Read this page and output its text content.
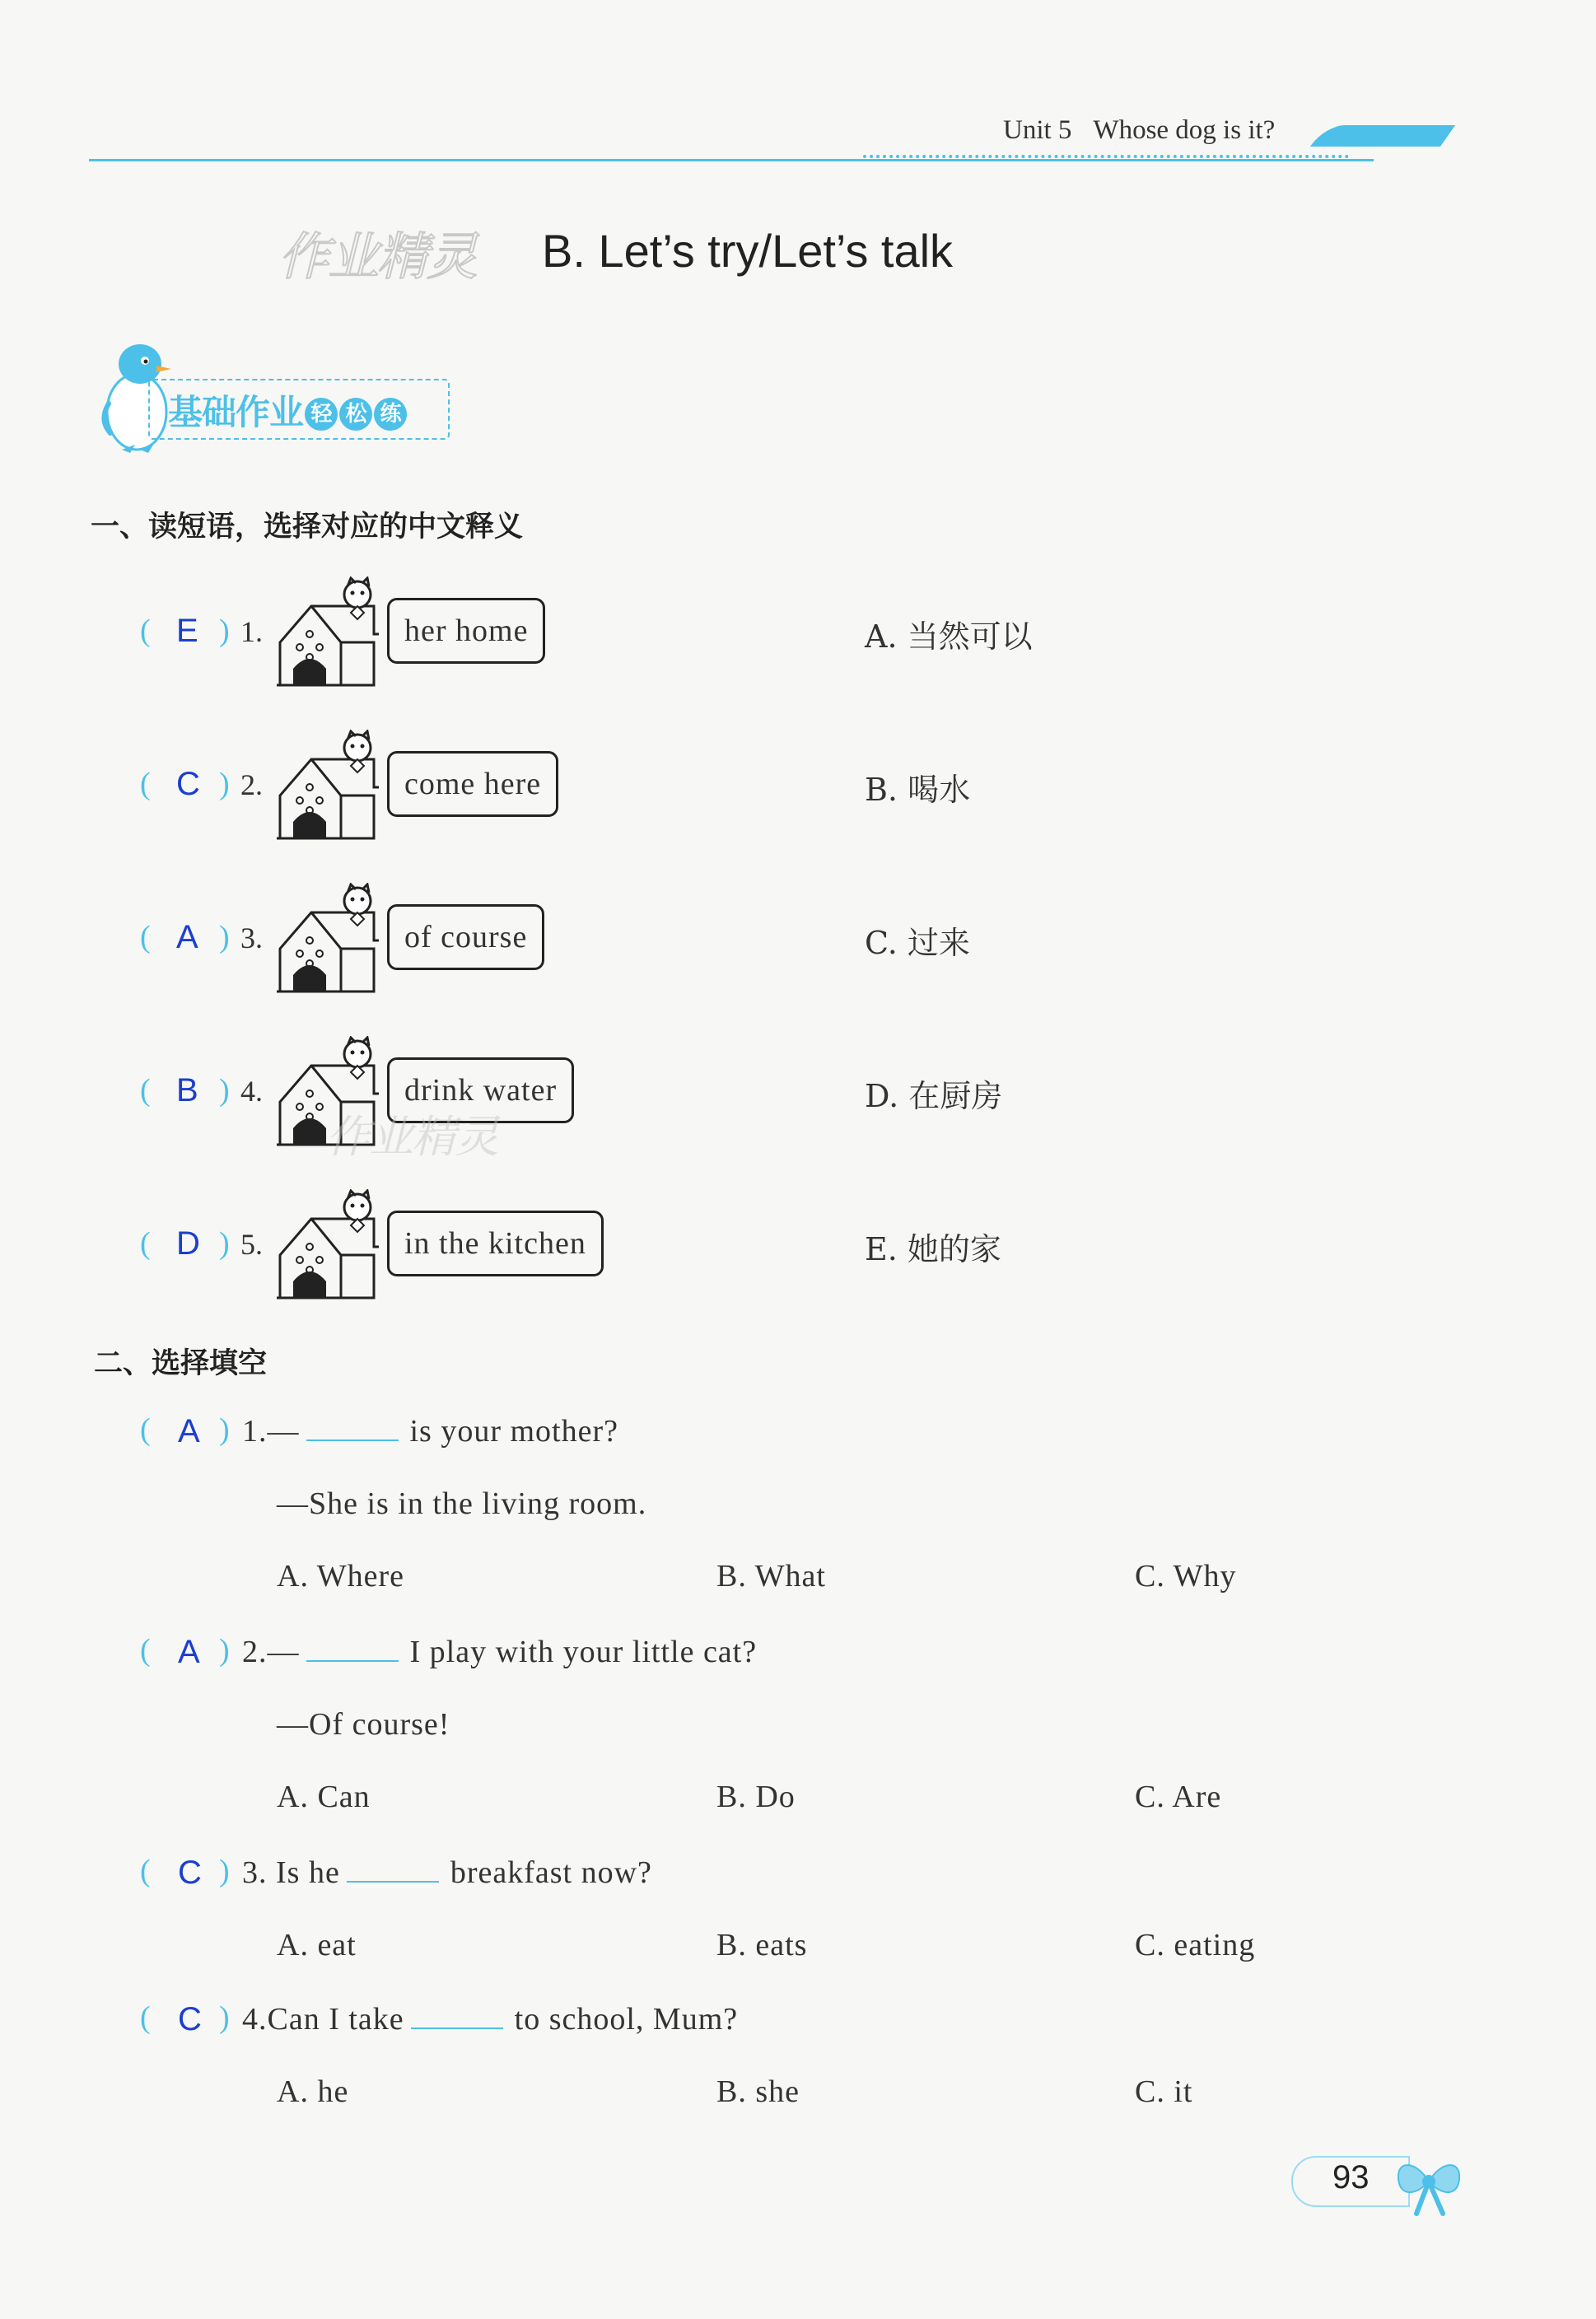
Unit 5 Whose dog is it?
作业精灵 B. Let’s try/Let’s talk
基础作业 轻 松 练
一、读短语，选择对应的中文释义
( E ) 1.	her home	A. 当然可以
( C ) 2.	come here	B. 喝水
( A ) 3.	of course	C. 过来
( B ) 4.	drink water	D. 在厨房
( D ) 5.	in the kitchen	E. 她的家
作业精灵
二、选择填空
( A ) 1.—	is your mother?
—She is in the living room.
A. Where	B. What	C. Why
( A ) 2.—	I play with your little cat?
—Of course!
A. Can	B. Do	C. Are
( C ) 3. Is he	breakfast now?
A. eat	B. eats	C. eating
( C ) 4.Can I take	to school, Mum?
A. he	B. she	C. it
93
